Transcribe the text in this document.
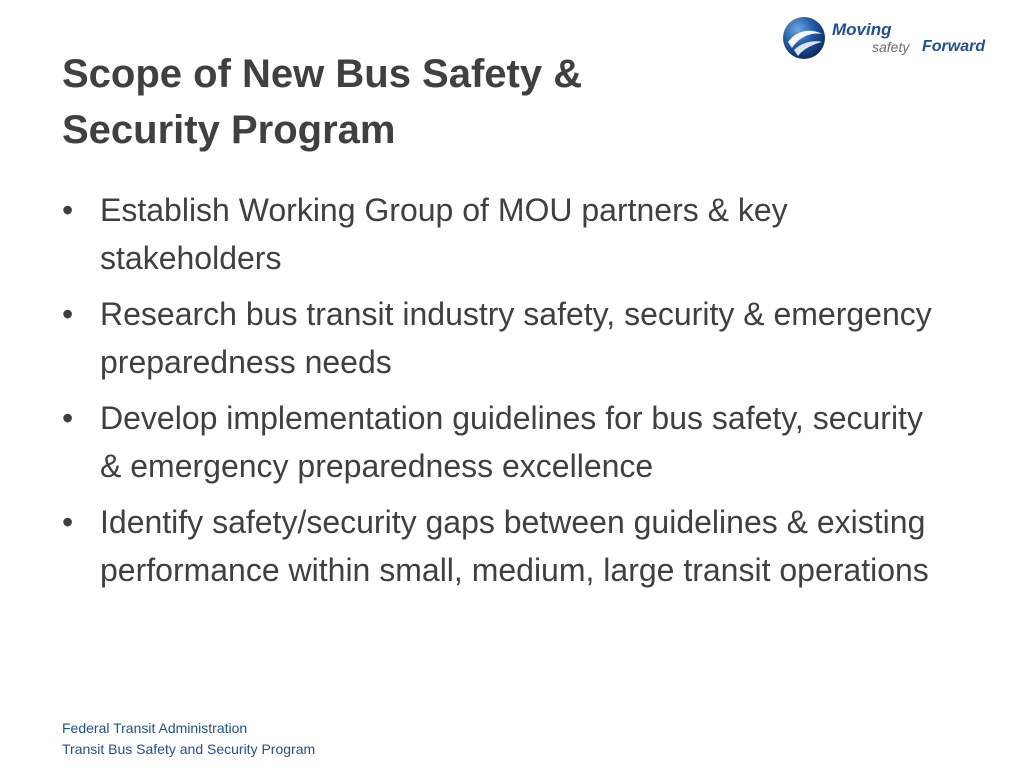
Moving
safety Forward
Scope of New Bus Safety &
Security Program
• Establish Working Group of MOU partners & key stakeholders
• Research bus transit industry safety, security & emergency preparedness needs
• Develop implementation guidelines for bus safety, security & emergency preparedness excellence
• Identify safety/security gaps between guidelines & existing performance within small, medium, large transit operations
Federal Transit Administration
Transit Bus Safety and Security Program
